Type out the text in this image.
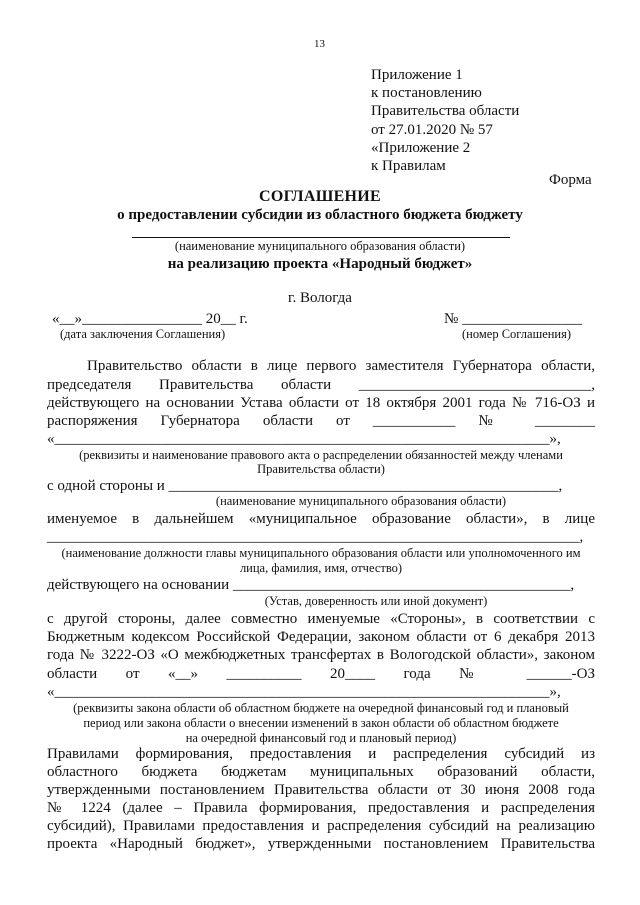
13
Приложение 1
к постановлению
Правительства области
от 27.01.2020 № 57
«Приложение 2
к Правилам
Форма
СОГЛАШЕНИЕ
о предоставлении субсидии из областного бюджета бюджету
(наименование муниципального образования области)
на реализацию проекта «Народный бюджет»
г. Вологда
«__»________________ 20__ г.	№ ________________
(дата заключения Соглашения)	(номер Соглашения)
Правительство области в лице первого заместителя Губернатора области,
председателя Правительства области _______________________________,
действующего на основании Устава области от 18 октября 2001 года № 716-ОЗ и
распоряжения Губернатора области от ___________ № ________
«__________________________________________________________________»,
(реквизиты и наименование правового акта о распределении обязанностей между членами
Правительства области)
с одной стороны и ____________________________________________________,
(наименование муниципального образования области)
именуемое в дальнейшем «муниципальное образование области», в лице
_______________________________________________________________________,
(наименование должности главы муниципального образования области или уполномоченного им
лица, фамилия, имя, отчество)
действующего на основании _____________________________________________,
(Устав, доверенность или иной документ)
с другой стороны, далее совместно именуемые «Стороны», в соответствии с
Бюджетным кодексом Российской Федерации, законом области от 6 декабря 2013
года № 3222-ОЗ «О межбюджетных трансфертах в Вологодской области», законом
области от «__» __________ 20____ года № ______-ОЗ
«__________________________________________________________________»,
(реквизиты закона области об областном бюджете на очередной финансовый год и плановый
период или закона области о внесении изменений в закон области об областном бюджете
на очередной финансовый год и плановый период)
Правилами формирования, предоставления и распределения субсидий из
областного бюджета бюджетам муниципальных образований области,
утвержденными постановлением Правительства области от 30 июня 2008 года
№ 1224 (далее – Правила формирования, предоставления и распределения
субсидий), Правилами предоставления и распределения субсидий на реализацию
проекта «Народный бюджет», утвержденными постановлением Правительства
